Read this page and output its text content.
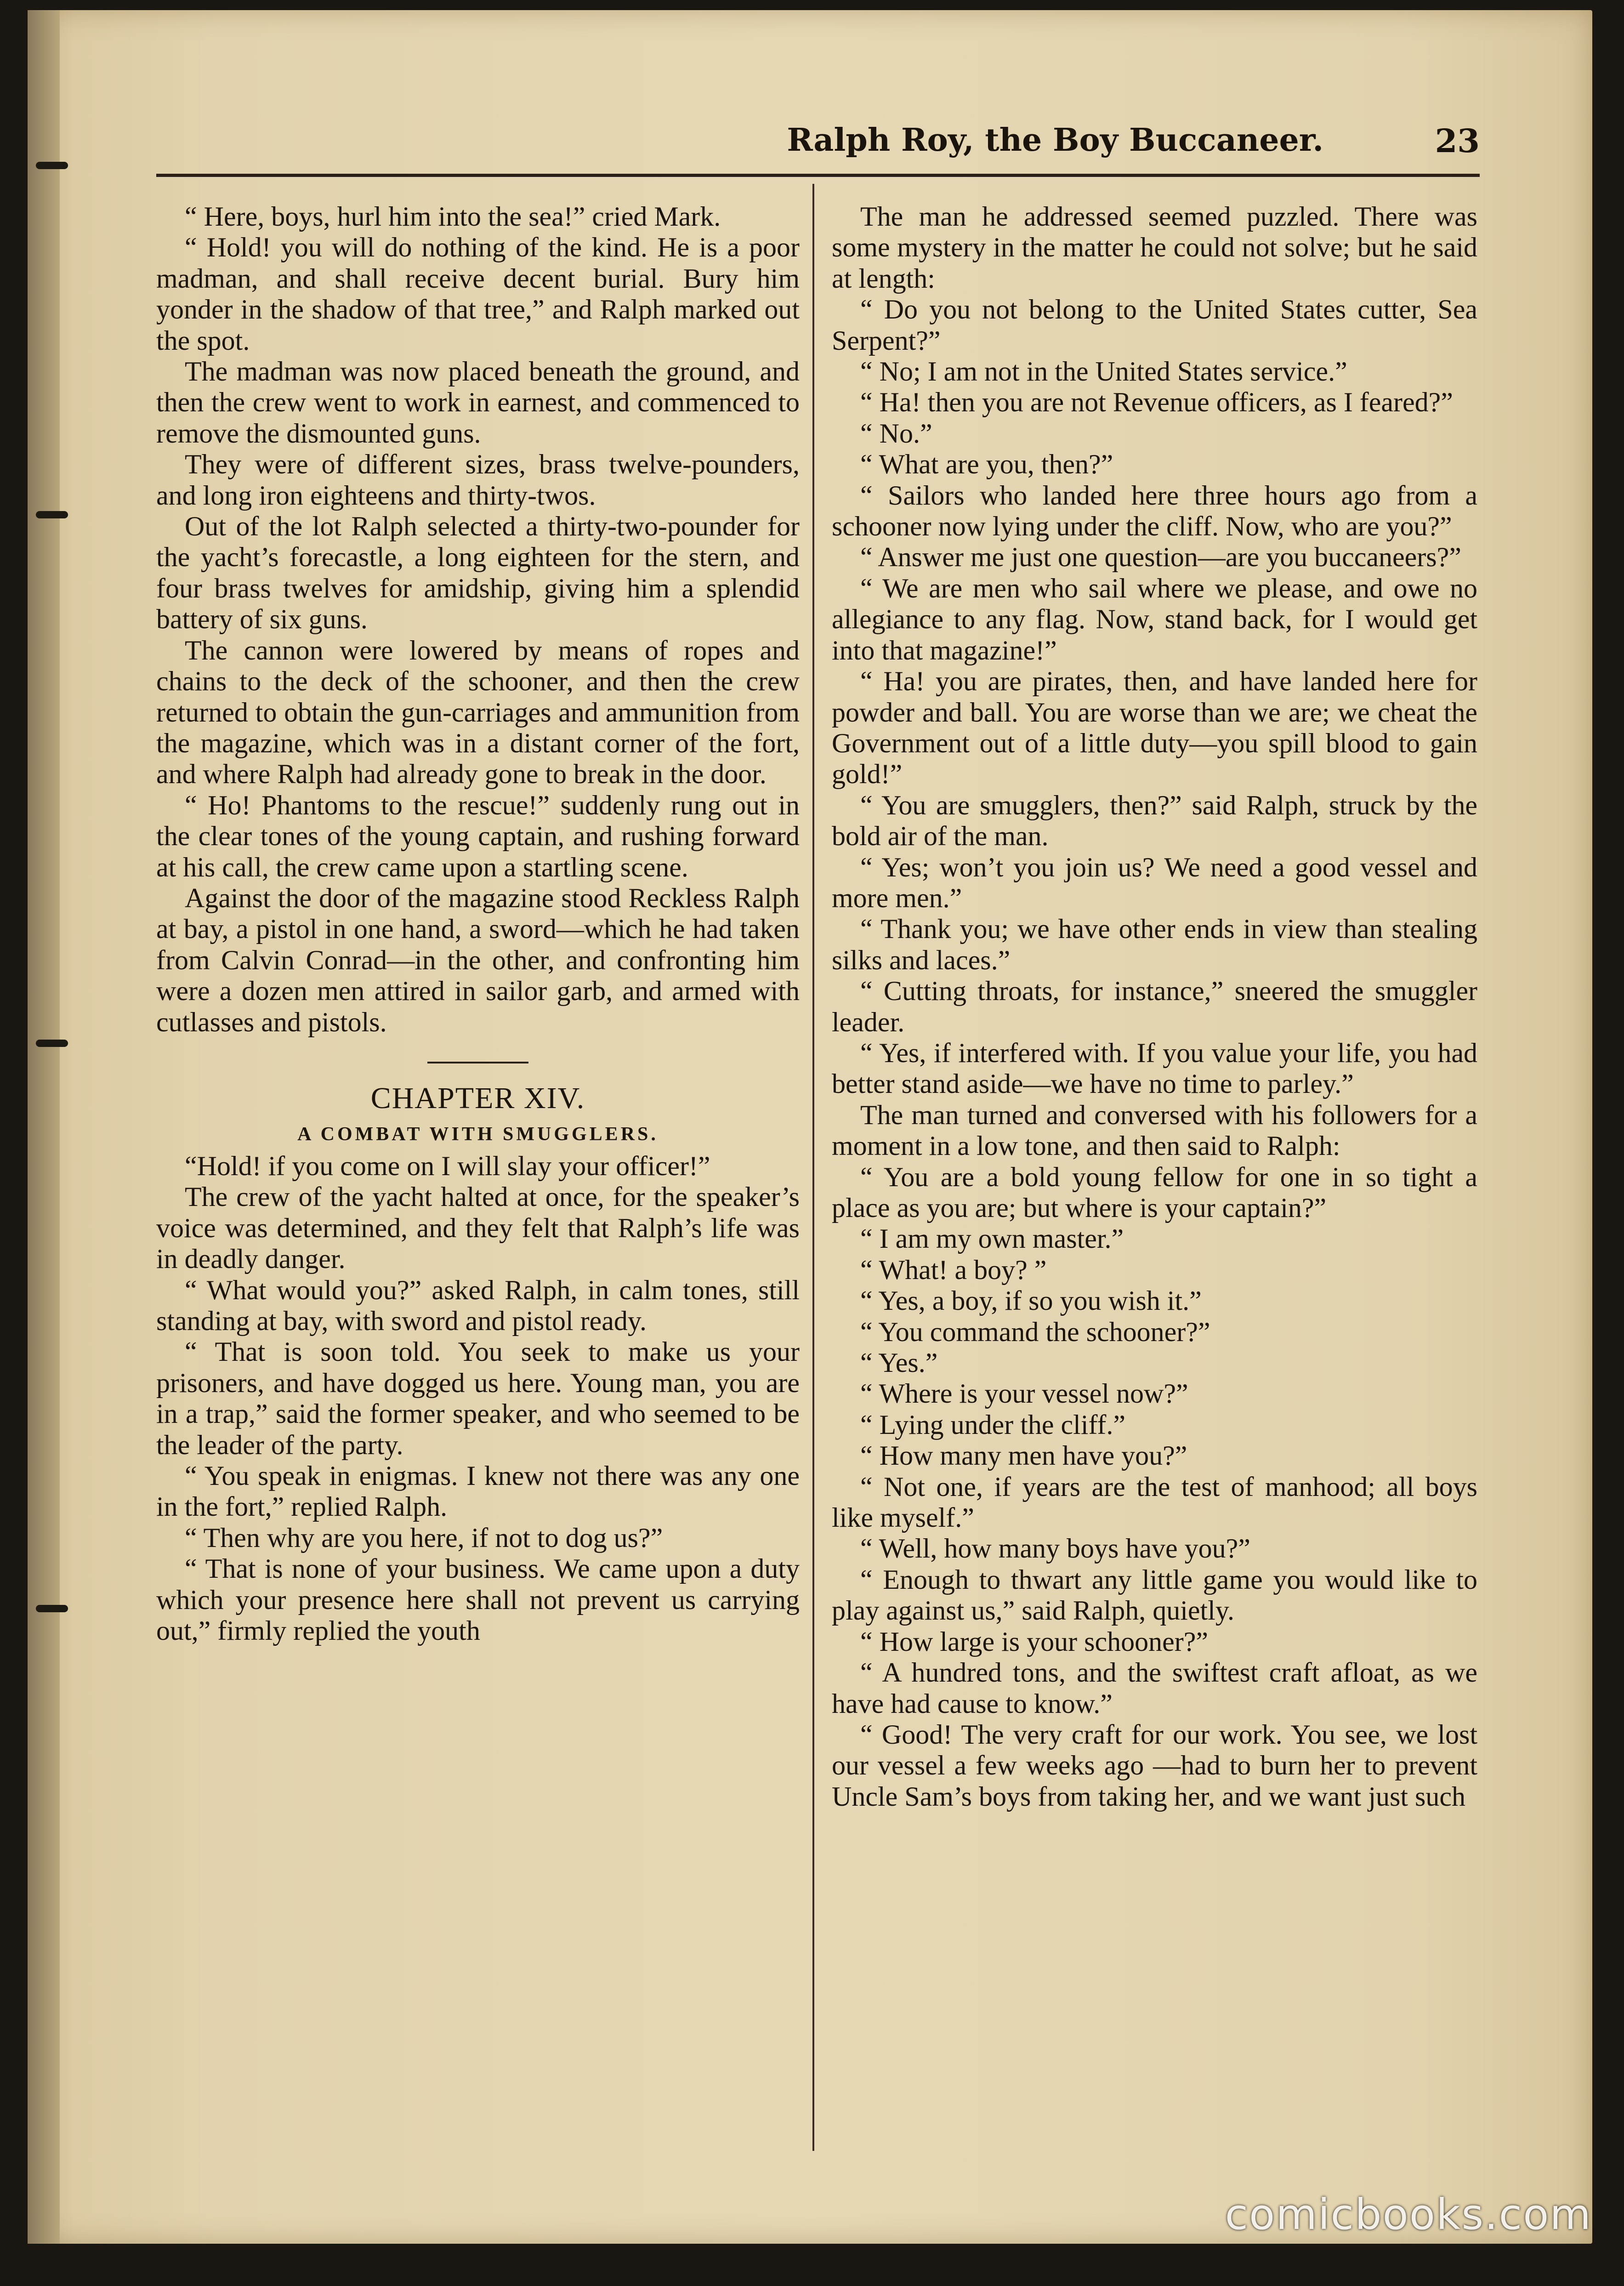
Ralph Roy, the Boy Buccaneer.	23

“ Here, boys, hurl him into the sea!” cried Mark.

“ Hold! you will do nothing of the kind. He is a poor madman, and shall receive decent burial. Bury him yonder in the shadow of that tree,” and Ralph marked out the spot.

The madman was now placed beneath the ground, and then the crew went to work in earnest, and commenced to remove the dismounted guns.

They were of different sizes, brass twelve-pounders, and long iron eighteens and thirty-twos.

Out of the lot Ralph selected a thirty-two-pounder for the yacht’s forecastle, a long eighteen for the stern, and four brass twelves for amidship, giving him a splendid battery of six guns.

The cannon were lowered by means of ropes and chains to the deck of the schooner, and then the crew returned to obtain the gun-carriages and ammunition from the magazine, which was in a distant corner of the fort, and where Ralph had already gone to break in the door.

“ Ho! Phantoms to the rescue!” suddenly rung out in the clear tones of the young captain, and rushing forward at his call, the crew came upon a startling scene.

Against the door of the magazine stood Reckless Ralph at bay, a pistol in one hand, a sword—which he had taken from Calvin Conrad—in the other, and confronting him were a dozen men attired in sailor garb, and armed with cutlasses and pistols.

CHAPTER XIV.

A COMBAT WITH SMUGGLERS.

“Hold! if you come on I will slay your officer!”

The crew of the yacht halted at once, for the speaker’s voice was determined, and they felt that Ralph’s life was in deadly danger.

“ What would you?” asked Ralph, in calm tones, still standing at bay, with sword and pistol ready.

“ That is soon told. You seek to make us your prisoners, and have dogged us here. Young man, you are in a trap,” said the former speaker, and who seemed to be the leader of the party.

“ You speak in enigmas. I knew not there was any one in the fort,” replied Ralph.

“ Then why are you here, if not to dog us?”

“ That is none of your business. We came upon a duty which your presence here shall not prevent us carrying out,” firmly replied the youth

The man he addressed seemed puzzled. There was some mystery in the matter he could not solve; but he said at length:

“ Do you not belong to the United States cutter, Sea Serpent?”

“ No; I am not in the United States service.”

“ Ha! then you are not Revenue officers, as I feared?”

“ No.”

“ What are you, then?”

“ Sailors who landed here three hours ago from a schooner now lying under the cliff. Now, who are you?”

“ Answer me just one question—are you buccaneers?”

“ We are men who sail where we please, and owe no allegiance to any flag. Now, stand back, for I would get into that magazine!”

“ Ha! you are pirates, then, and have landed here for powder and ball. You are worse than we are; we cheat the Government out of a little duty—you spill blood to gain gold!”

“ You are smugglers, then?” said Ralph, struck by the bold air of the man.

“ Yes; won’t you join us? We need a good vessel and more men.”

“ Thank you; we have other ends in view than stealing silks and laces.”

“ Cutting throats, for instance,” sneered the smuggler leader.

“ Yes, if interfered with. If you value your life, you had better stand aside—we have no time to parley.”

The man turned and conversed with his followers for a moment in a low tone, and then said to Ralph:

“ You are a bold young fellow for one in so tight a place as you are; but where is your captain?”

“ I am my own master.”

“ What! a boy? ”

“ Yes, a boy, if so you wish it.”

“ You command the schooner?”

“ Yes.”

“ Where is your vessel now?”

“ Lying under the cliff.”

“ How many men have you?”

“ Not one, if years are the test of manhood; all boys like myself.”

“ Well, how many boys have you?”

“ Enough to thwart any little game you would like to play against us,” said Ralph, quietly.

“ How large is your schooner?”

“ A hundred tons, and the swiftest craft afloat, as we have had cause to know.”

“ Good! The very craft for our work. You see, we lost our vessel a few weeks ago —had to burn her to prevent Uncle Sam’s boys from taking her, and we want just such

comicbooks.com
